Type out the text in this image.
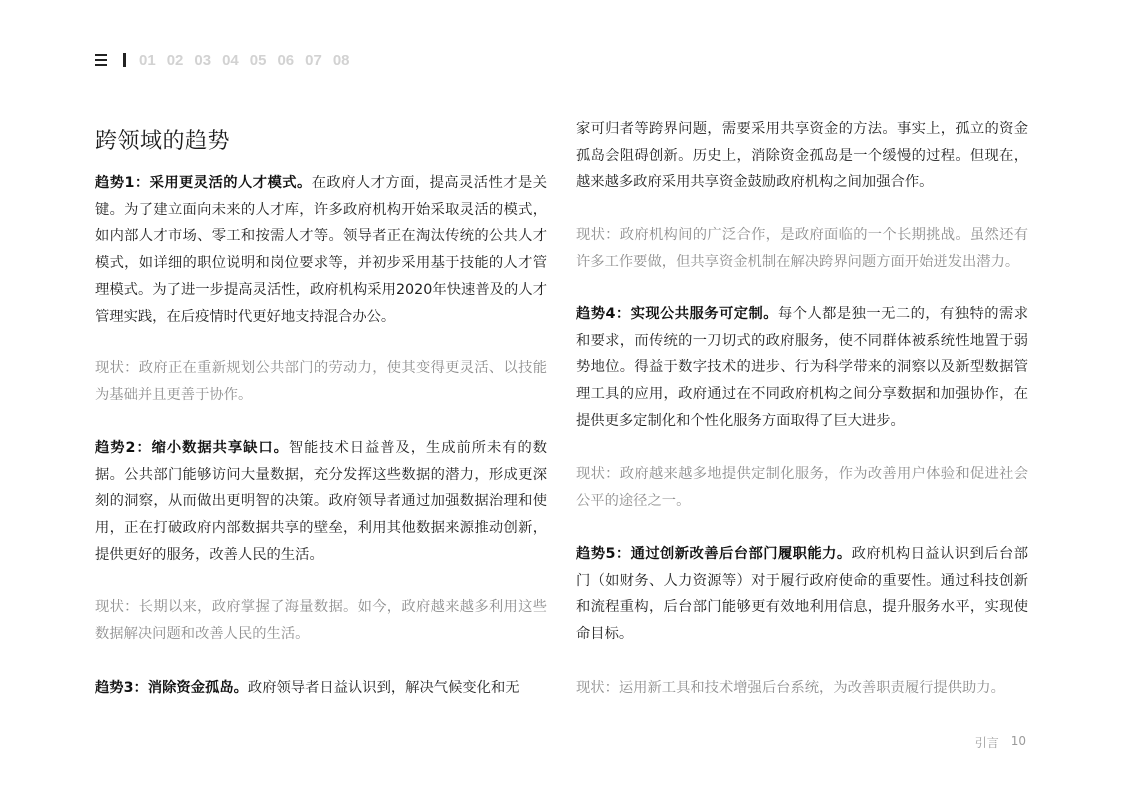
01 02 03 04 05 06 07 08
跨领域的趋势

趋势1：采用更灵活的人才模式。在政府人才方面，提高灵活性才是关键。为了建立面向未来的人才库，许多政府机构开始采取灵活的模式，如内部人才市场、零工和按需人才等。领导者正在淘汰传统的公共人才模式，如详细的职位说明和岗位要求等，并初步采用基于技能的人才管理模式。为了进一步提高灵活性，政府机构采用2020年快速普及的人才管理实践，在后疫情时代更好地支持混合办公。

现状：政府正在重新规划公共部门的劳动力，使其变得更灵活、以技能为基础并且更善于协作。

趋势2：缩小数据共享缺口。智能技术日益普及，生成前所未有的数据。公共部门能够访问大量数据，充分发挥这些数据的潜力，形成更深刻的洞察，从而做出更明智的决策。政府领导者通过加强数据治理和使用，正在打破政府内部数据共享的壁垒，利用其他数据来源推动创新，提供更好的服务，改善人民的生活。

现状：长期以来，政府掌握了海量数据。如今，政府越来越多利用这些数据解决问题和改善人民的生活。

趋势3：消除资金孤岛。政府领导者日益认识到，解决气候变化和无

家可归者等跨界问题，需要采用共享资金的方法。事实上，孤立的资金孤岛会阻碍创新。历史上，消除资金孤岛是一个缓慢的过程。但现在，越来越多政府采用共享资金鼓励政府机构之间加强合作。

现状：政府机构间的广泛合作，是政府面临的一个长期挑战。虽然还有许多工作要做，但共享资金机制在解决跨界问题方面开始迸发出潜力。

趋势4：实现公共服务可定制。每个人都是独一无二的，有独特的需求和要求，而传统的一刀切式的政府服务，使不同群体被系统性地置于弱势地位。得益于数字技术的进步、行为科学带来的洞察以及新型数据管理工具的应用，政府通过在不同政府机构之间分享数据和加强协作，在提供更多定制化和个性化服务方面取得了巨大进步。

现状：政府越来越多地提供定制化服务，作为改善用户体验和促进社会公平的途径之一。

趋势5：通过创新改善后台部门履职能力。政府机构日益认识到后台部门（如财务、人力资源等）对于履行政府使命的重要性。通过科技创新和流程重构，后台部门能够更有效地利用信息，提升服务水平，实现使命目标。

现状：运用新工具和技术增强后台系统，为改善职责履行提供助力。

引言 10
